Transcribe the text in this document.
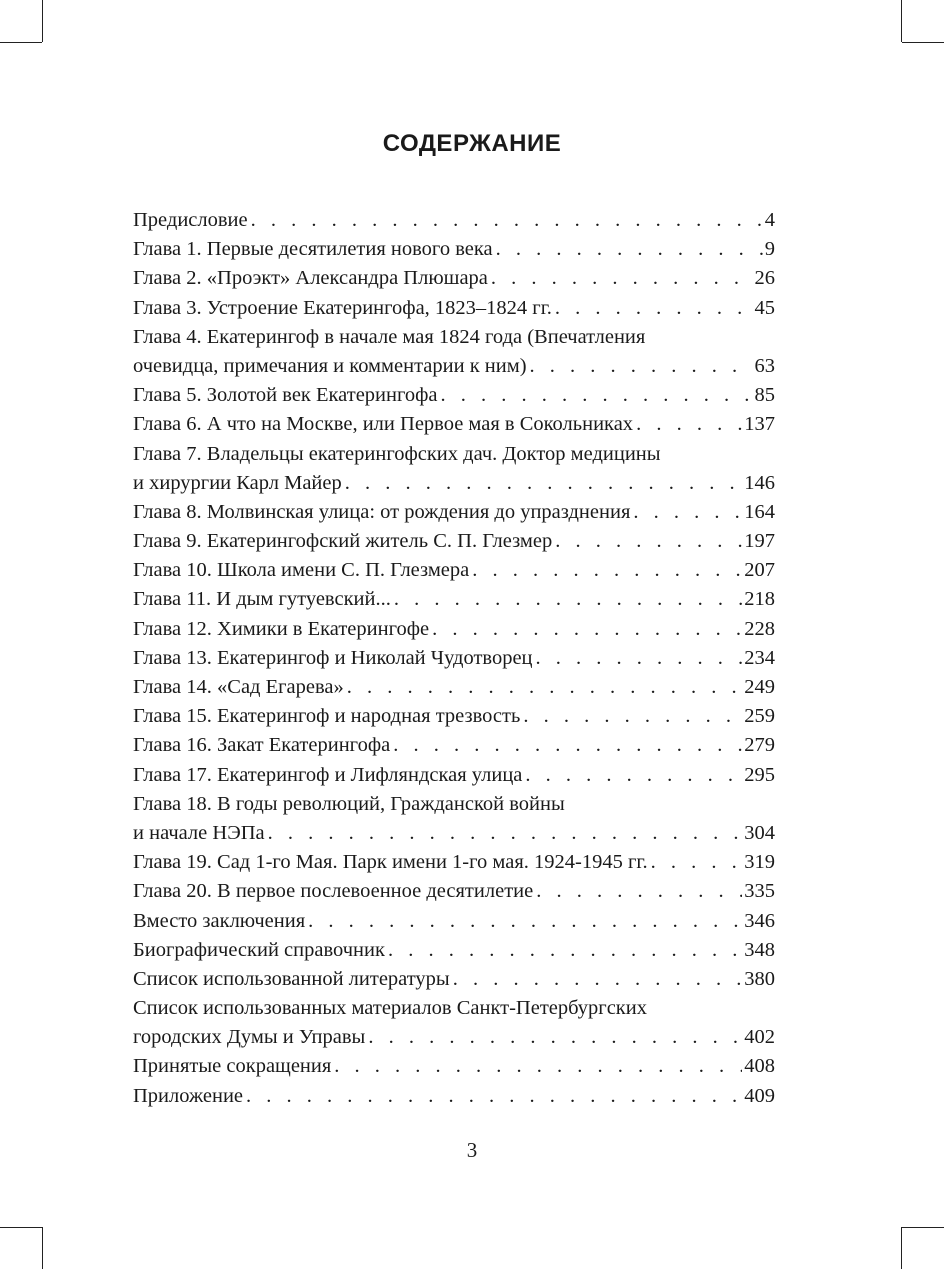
СОДЕРЖАНИЕ
Предисловие . . .	4
Глава 1. Первые десятилетия нового века . . .	9
Глава 2. «Проэкт» Александра Плюшара . . .	26
Глава 3. Устроение Екатерингофа, 1823–1824 гг. . . .	45
Глава 4. Екатерингоф в начале мая 1824 года (Впечатления
очевидца, примечания и комментарии к ним) . . .	63
Глава 5. Золотой век Екатерингофа . . .	85
Глава 6. А что на Москве, или Первое мая в Сокольниках . . .	137
Глава 7. Владельцы екатерингофских дач. Доктор медицины
и хирургии Карл Майер . . .	146
Глава 8. Молвинская улица: от рождения до упразднения . . .	164
Глава 9. Екатерингофский житель С. П. Глезмер . . .	197
Глава 10. Школа имени С. П. Глезмера . . .	207
Глава 11. И дым гутуевский... . . .	218
Глава 12. Химики в Екатерингофе . . .	228
Глава 13. Екатерингоф и Николай Чудотворец . . .	234
Глава 14. «Сад Егарева» . . .	249
Глава 15. Екатерингоф и народная трезвость . . .	259
Глава 16. Закат Екатерингофа . . .	279
Глава 17. Екатерингоф и Лифляндская улица . . .	295
Глава 18. В годы революций, Гражданской войны
и начале НЭПа . . .	304
Глава 19. Сад 1-го Мая. Парк имени 1-го мая. 1924-1945 гг. . . .	319
Глава 20. В первое послевоенное десятилетие . . .	335
Вместо заключения . . .	346
Биографический справочник . . .	348
Список использованной литературы . . .	380
Список использованных материалов Санкт-Петербургских
городских Думы и Управы . . .	402
Принятые сокращения . . .	408
Приложение . . .	409
3
